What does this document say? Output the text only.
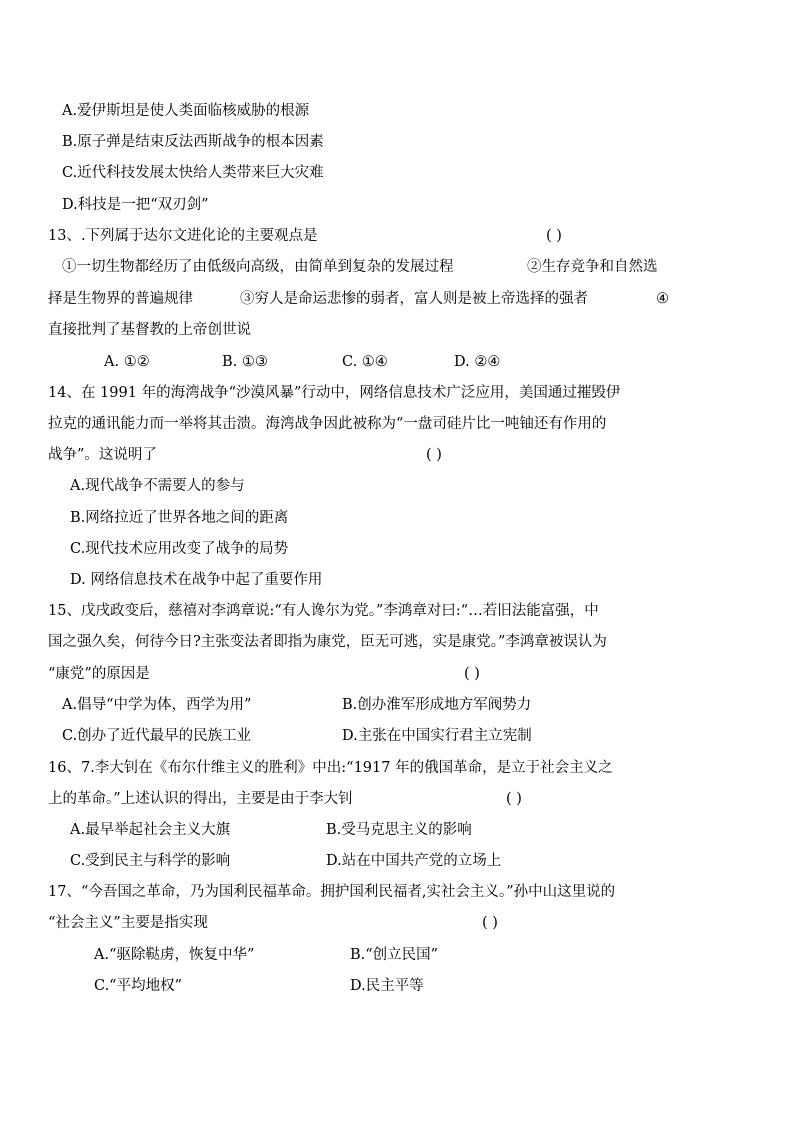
A.爱伊斯坦是使人类面临核威胁的根源
B.原子弹是结束反法西斯战争的根本因素
C.近代科技发展太快给人类带来巨大灾难
D.科技是一把“双刃剑”
13、.下列属于达尔文进化论的主要观点是	( )
①一切生物都经历了由低级向高级，由简单到复杂的发展过程	②生存竞争和自然选
择是生物界的普遍规律	③穷人是命运悲惨的弱者，富人则是被上帝选择的强者	④
直接批判了基督教的上帝创世说
A. ①②	B. ①③	C. ①④	D. ②④
14、在 1991 年的海湾战争“沙漠风暴”行动中，网络信息技术广泛应用，美国通过摧毁伊
拉克的通讯能力而一举将其击溃。海湾战争因此被称为“一盘司硅片比一吨铀还有作用的
战争”。这说明了	( )
A.现代战争不需要人的参与
B.网络拉近了世界各地之间的距离
C.现代技术应用改变了战争的局势
D. 网络信息技术在战争中起了重要作用
15、戊戌政变后，慈禧对李鸿章说:“有人谗尔为党。”李鸿章对曰:“…若旧法能富强，中
国之强久矣，何待今日?主张变法者即指为康党，臣无可逃，实是康党。”李鸿章被误认为
“康党”的原因是	( )
A.倡导“中学为体，西学为用”	B.创办淮军形成地方军阀势力
C.创办了近代最早的民族工业	D.主张在中国实行君主立宪制
16、7.李大钊在《布尔什维主义的胜利》中出:“1917 年的俄国革命，是立于社会主义之
上的革命。”上述认识的得出，主要是由于李大钊	( )
A.最早举起社会主义大旗	B.受马克思主义的影响
C.受到民主与科学的影响	D.站在中国共产党的立场上
17、“今吾国之革命，乃为国利民福革命。拥护国利民福者,实社会主义。”孙中山这里说的
“社会主义”主要是指实现	( )
A.“驱除鞑虏，恢复中华”	B.“创立民国”
C.“平均地权”	D.民主平等
